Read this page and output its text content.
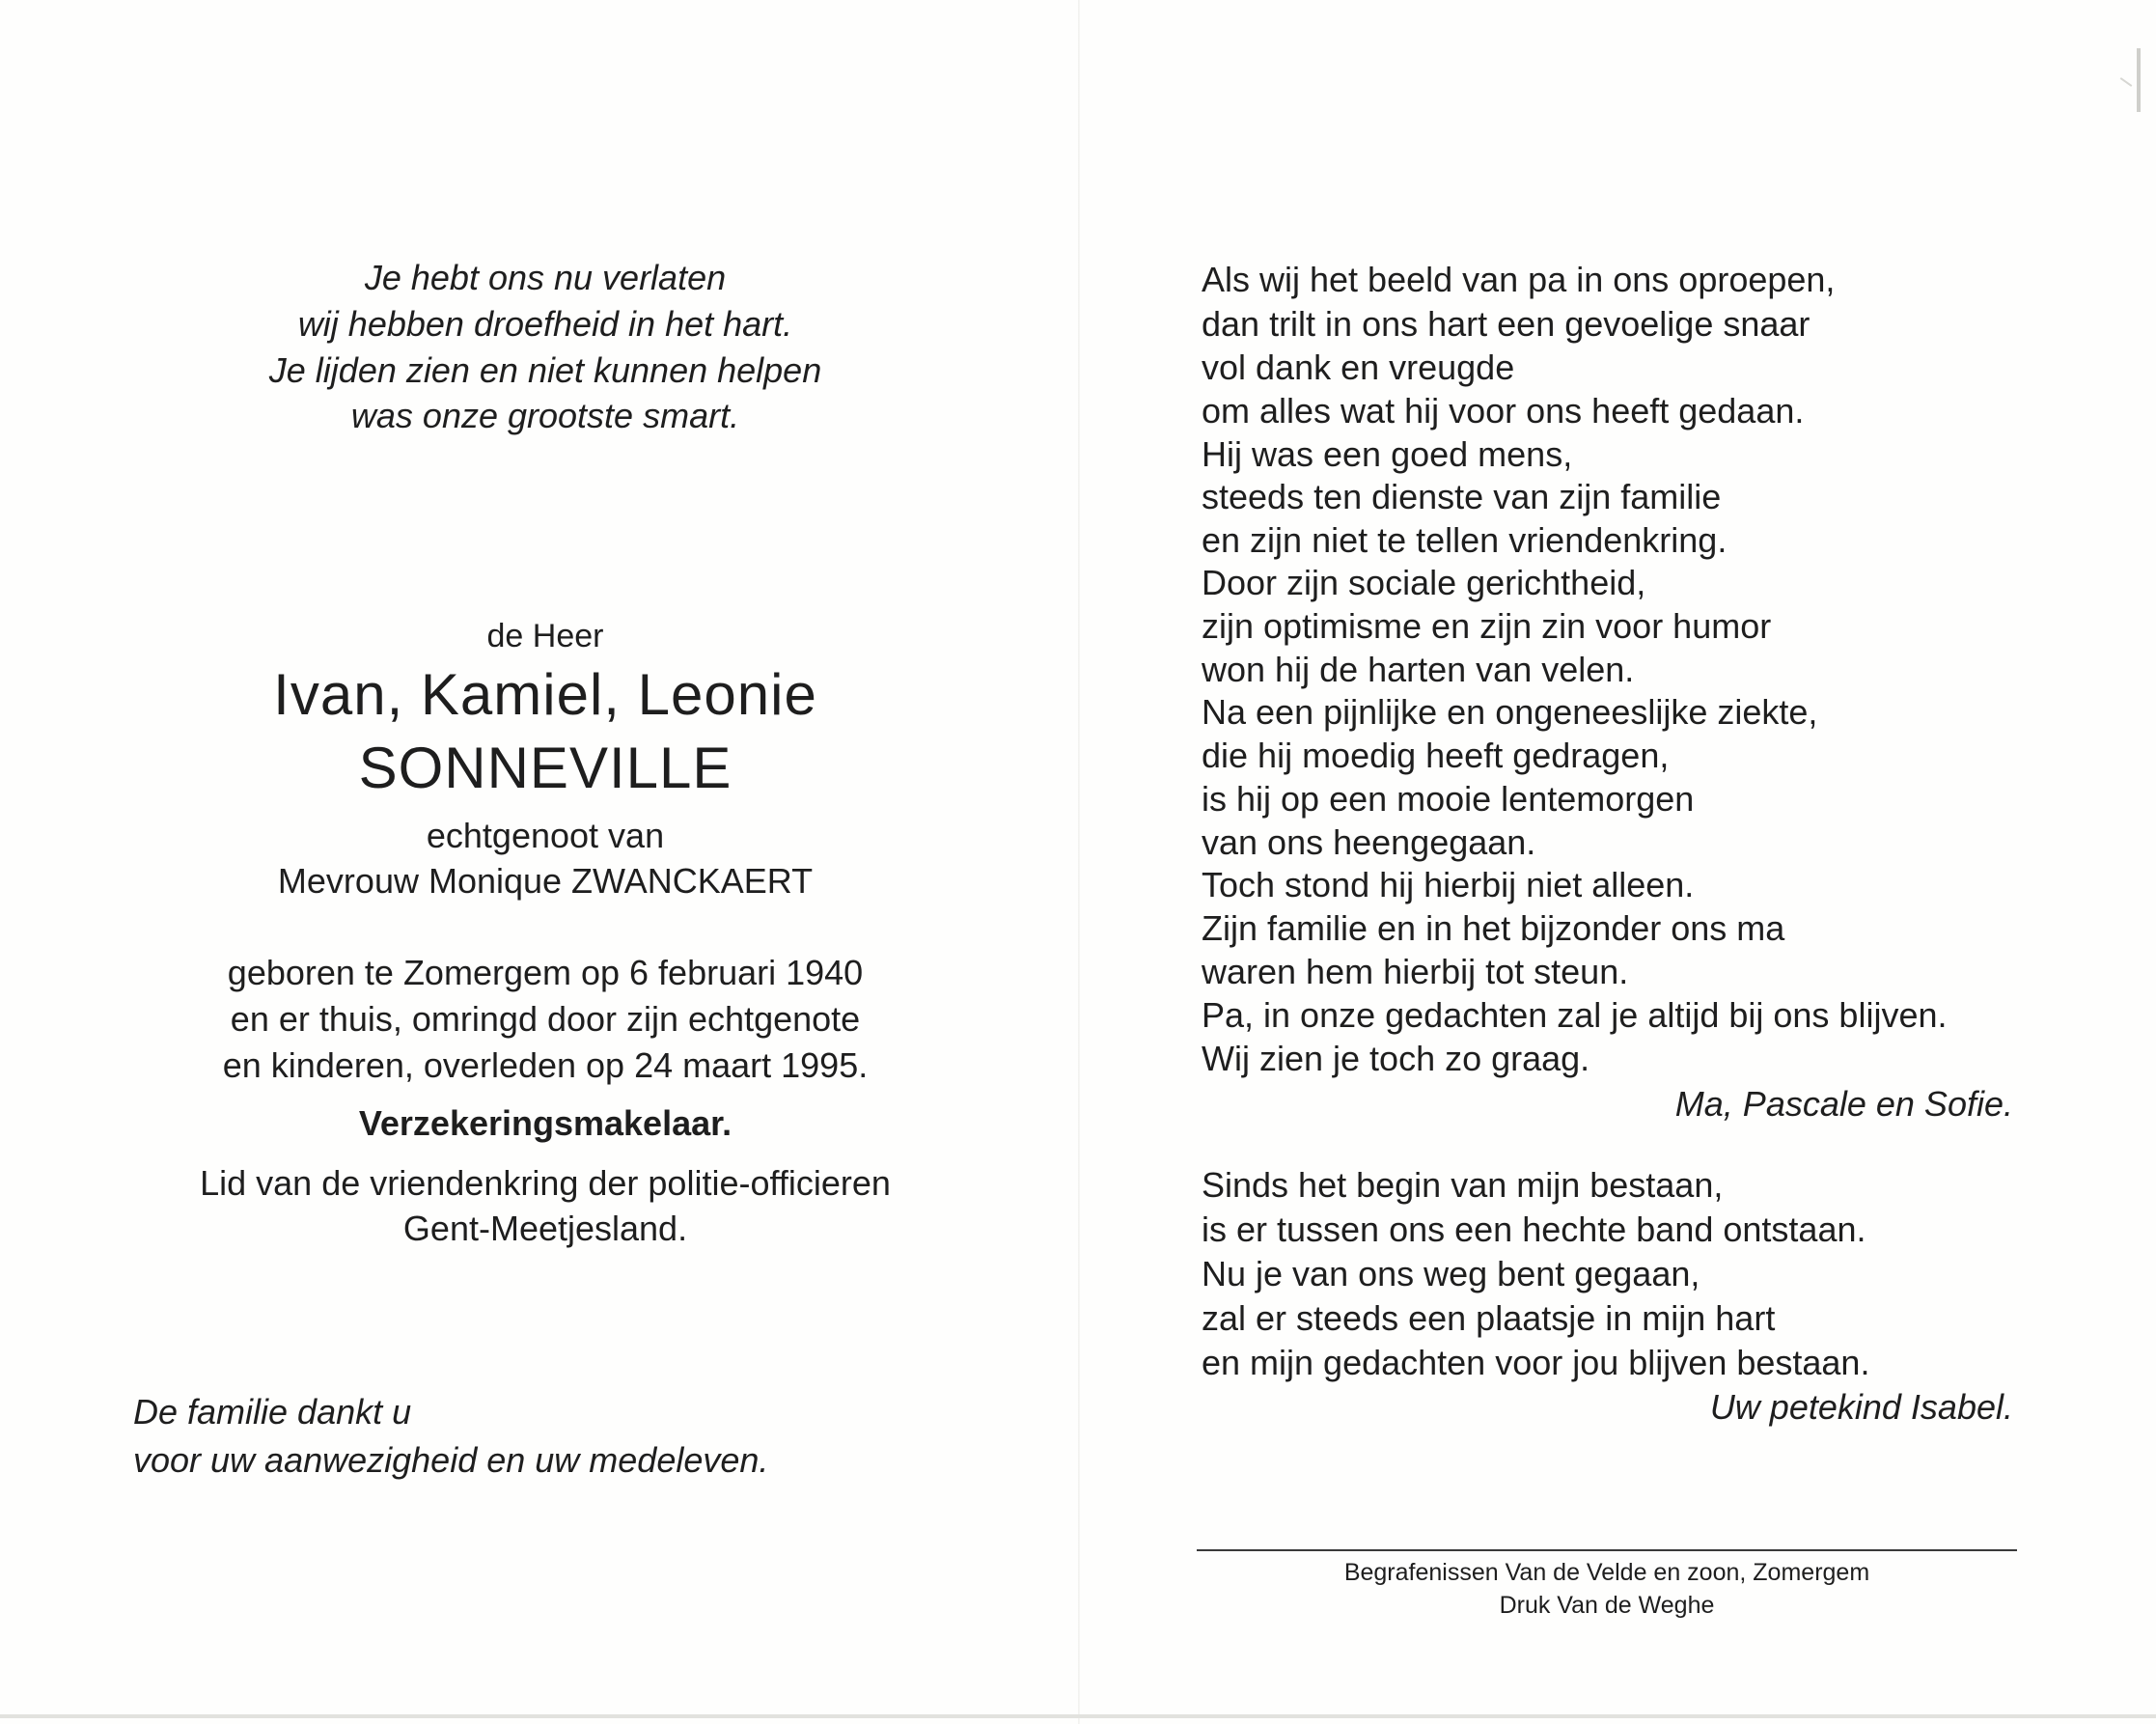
Je hebt ons nu verlaten
wij hebben droefheid in het hart.
Je lijden zien en niet kunnen helpen
was onze grootste smart.
de Heer
Ivan, Kamiel, Leonie
SONNEVILLE
echtgenoot van
Mevrouw Monique ZWANCKAERT
geboren te Zomergem op 6 februari 1940
en er thuis, omringd door zijn echtgenote
en kinderen, overleden op 24 maart 1995.
Verzekeringsmakelaar.
Lid van de vriendenkring der politie-officieren
Gent-Meetjesland.
De familie dankt u
voor uw aanwezigheid en uw medeleven.
Als wij het beeld van pa in ons oproepen,
dan trilt in ons hart een gevoelige snaar
vol dank en vreugde
om alles wat hij voor ons heeft gedaan.
Hij was een goed mens,
steeds ten dienste van zijn familie
en zijn niet te tellen vriendenkring.
Door zijn sociale gerichtheid,
zijn optimisme en zijn zin voor humor
won hij de harten van velen.
Na een pijnlijke en ongeneeslijke ziekte,
die hij moedig heeft gedragen,
is hij op een mooie lentemorgen
van ons heengegaan.
Toch stond hij hierbij niet alleen.
Zijn familie en in het bijzonder ons ma
waren hem hierbij tot steun.
Pa, in onze gedachten zal je altijd bij ons blijven.
Wij zien je toch zo graag.
Ma, Pascale en Sofie.
Sinds het begin van mijn bestaan,
is er tussen ons een hechte band ontstaan.
Nu je van ons weg bent gegaan,
zal er steeds een plaatsje in mijn hart
en mijn gedachten voor jou blijven bestaan.
Uw petekind Isabel.
Begrafenissen Van de Velde en zoon, Zomergem
Druk Van de Weghe
